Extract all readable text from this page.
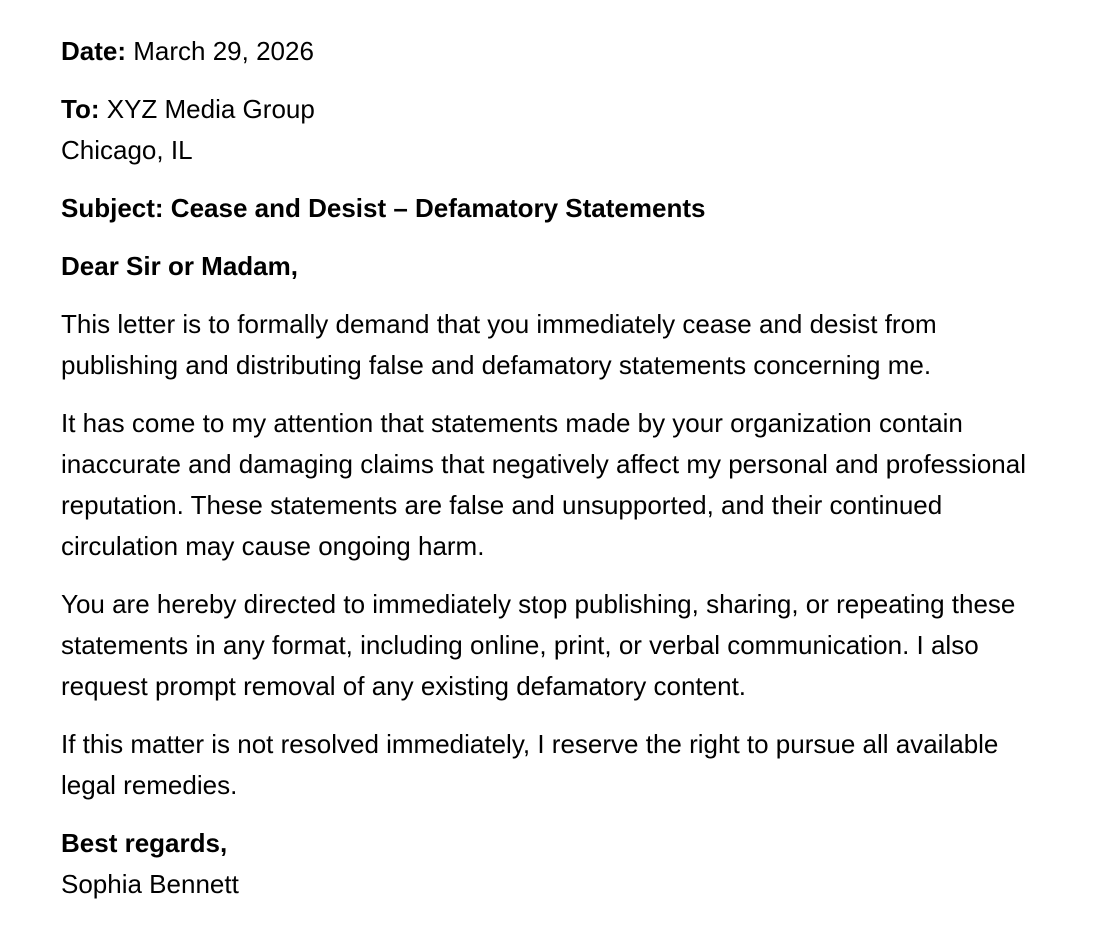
Date: March 29, 2026

To: XYZ Media Group
Chicago, IL

Subject: Cease and Desist – Defamatory Statements

Dear Sir or Madam,

This letter is to formally demand that you immediately cease and desist from publishing and distributing false and defamatory statements concerning me.

It has come to my attention that statements made by your organization contain inaccurate and damaging claims that negatively affect my personal and professional reputation. These statements are false and unsupported, and their continued circulation may cause ongoing harm.

You are hereby directed to immediately stop publishing, sharing, or repeating these statements in any format, including online, print, or verbal communication. I also request prompt removal of any existing defamatory content.

If this matter is not resolved immediately, I reserve the right to pursue all available legal remedies.

Best regards,
Sophia Bennett
